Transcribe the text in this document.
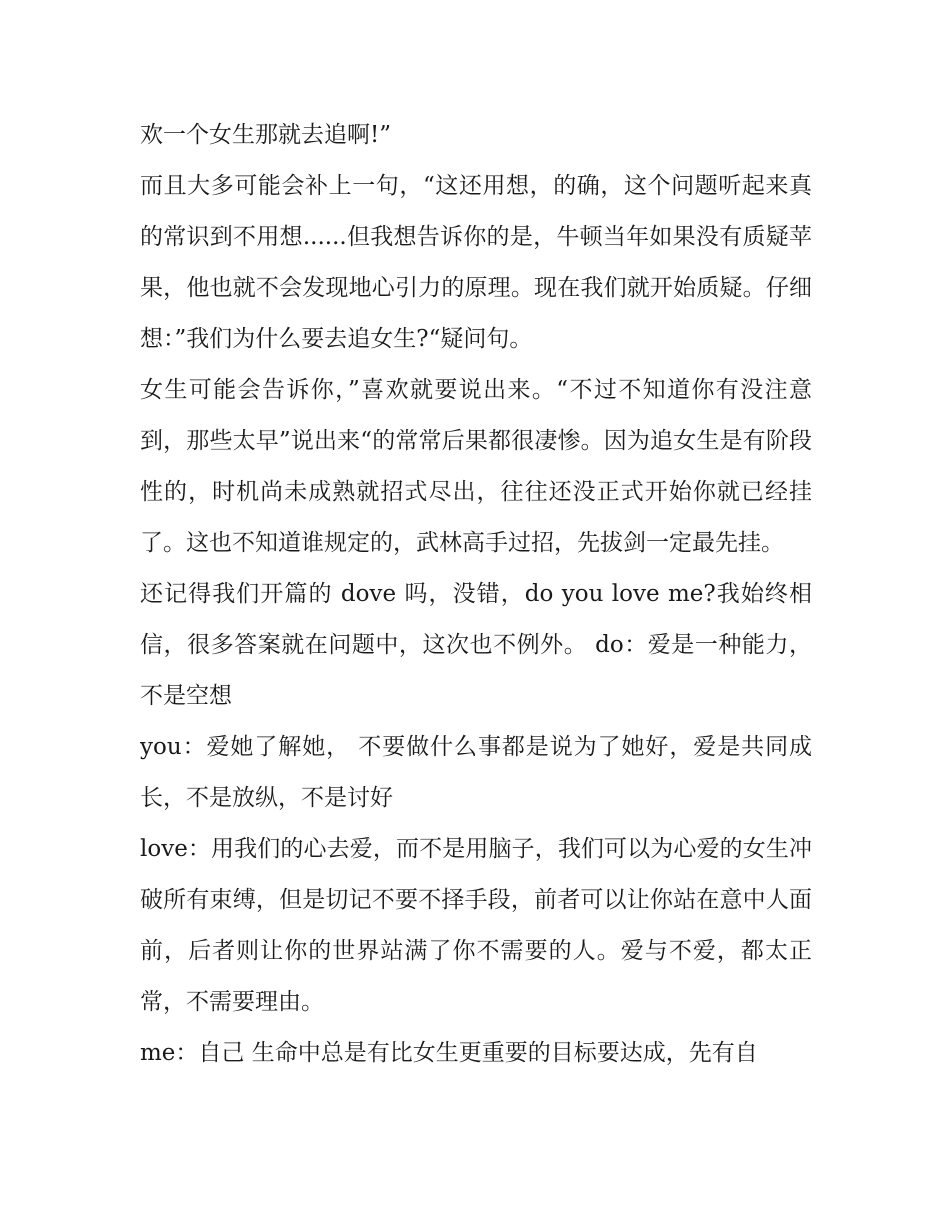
欢一个女生那就去追啊!”

而且大多可能会补上一句，“这还用想，的确，这个问题听起来真的常识到不用想......但我想告诉你的是，牛顿当年如果没有质疑苹果，他也就不会发现地心引力的原理。现在我们就开始质疑。仔细想：”我们为什么要去追女生?“疑问句。

女生可能会告诉你，”喜欢就要说出来。“不过不知道你有没注意到，那些太早”说出来“的常常后果都很凄惨。因为追女生是有阶段性的，时机尚未成熟就招式尽出，往往还没正式开始你就已经挂了。这也不知道谁规定的，武林高手过招，先拔剑一定最先挂。

还记得我们开篇的 dove 吗，没错，do you love me?我始终相信，很多答案就在问题中，这次也不例外。 do：爱是一种能力，不是空想

you：爱她了解她， 不要做什么事都是说为了她好，爱是共同成长，不是放纵，不是讨好

love：用我们的心去爱，而不是用脑子，我们可以为心爱的女生冲破所有束缚，但是切记不要不择手段，前者可以让你站在意中人面前，后者则让你的世界站满了你不需要的人。爱与不爱，都太正常，不需要理由。

me：自己 生命中总是有比女生更重要的目标要达成，先有自
